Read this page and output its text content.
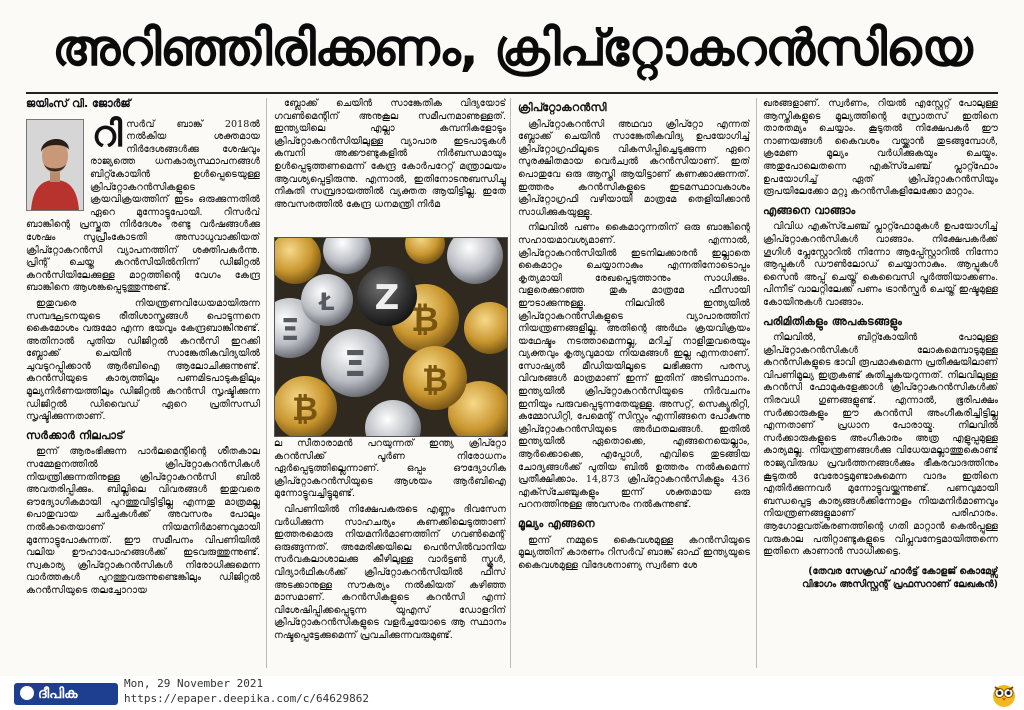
അറിഞ്ഞിരിക്കണം, ക്രിപ്റ്റോകറൻസിയെ
ജയിംസ് വി. ജോർജ്
റി സർവ് ബാങ്ക് 2018ൽ നൽകിയ ശക്തമായ നിർദേശങ്ങൾക്കു ശേഷവും രാജ്യത്തെ ധനകാര്യസ്ഥാപനങ്ങൾ ബിറ്റ്കോയിൻ ഉൾപ്പെടെയുള്ള ക്രിപ്റ്റോകറൻസികളുടെ ക്രയവിക്രയത്തിന് ഇടം ഒരുക്കുന്നതിൽ ഏറെ മുന്നോട്ടുപോയി. റിസർവ് ബാങ്കിന്റെ പ്രസ്തുത നിർദേശം രണ്ടു വർഷങ്ങൾക്കു ശേഷം സുപ്രീംകോടതി അസാധുവാക്കിയത് ക്രിപ്റ്റോകറൻസി വ്യാപനത്തിന് ശക്തിപകർന്നു. പ്രിന്റ് ചെയ്ത കറൻസിയിൽനിന്ന് ഡിജിറ്റൽ കറൻസിയിലേക്കുള്ള മാറ്റത്തിന്റെ വേഗം കേന്ദ്ര ബാങ്കിനെ ആശങ്കപ്പെടുത്തുന്നുണ്ട്.

ഇതുവരെ നിയന്ത്രണവിധേയമായിരുന്ന സമ്പദ്ഘടനയുടെ രീതിശാസ്ത്രങ്ങൾ പൊടുന്നനെ കൈമോശം വരുമോ എന്ന ഭയവും കേന്ദ്രബാങ്കിനുണ്ട്. അതിനാൽ പുതിയ ഡിജിറ്റൽ കറൻസി ഇറക്കി ബ്ലോക്ക് ചെയിൻ സാങ്കേതികവിദ്യയിൽ ചുവടുറപ്പിക്കാൻ ആർബിഐ ആലോചിക്കുന്നുണ്ട്. കറൻസിയുടെ കാര്യത്തിലും പണമിടപാടുകളിലും മൂല്യനിർണയത്തിലും ഡിജിറ്റൽ കറൻസി സൃഷ്ടിക്കുന്ന ഡിജിറ്റൽ ഡിവൈഡ് ഏറെ പ്രതിസന്ധി സൃഷ്ടിക്കുന്നതാണ്.

സർക്കാർ നിലപാട്

ഇന്ന് ആരംഭിക്കുന്ന പാർലമെന്റിന്റെ ശീതകാല സമ്മേളനത്തിൽ ക്രിപ്റ്റോകറൻസികൾ നിയന്ത്രിക്കുന്നതിനുള്ള ക്രിപ്റ്റോകറൻസി ബിൽ അവതരിപ്പിക്കും. ബില്ലിലെ വിവരങ്ങൾ ഇതുവരെ ഔദ്യോഗികമായി പുറത്തുവിട്ടിട്ടില്ല എന്നതു മാത്രമല്ല പൊതുവായ ചർച്ചകൾക്ക് അവസരം പോലും നൽകാതെയാണ് നിയമനിർമാണവുമായി മുന്നോട്ടുപോകുന്നത്. ഈ സമീപനം വിപണിയിൽ വലിയ ഊഹാപോഹങ്ങൾക്ക് ഇടവരുത്തുന്നുണ്ട്. സ്വകാര്യ ക്രിപ്റ്റോകറൻസികൾ നിരോധിക്കുമെന്ന വാർത്തകൾ പുറത്തുവരുന്നുണ്ടെങ്കിലും ഡിജിറ്റൽ കറൻസിയുടെ തലച്ചോറായ

ബ്ലോക്ക് ചെയിൻ സാങ്കേതിക വിദ്യയോട് ഗവൺമെന്റിന് അനുകൂല സമീപനമാണുള്ളത്. ഇന്ത്യയിലെ എല്ലാ കമ്പനികളോടും ക്രിപ്റ്റോകറൻസിയിലുള്ള വ്യാപാര ഇടപാടുകൾ കമ്പനി അക്കൗണ്ടുകളിൽ നിർബന്ധമായും ഉൾപ്പെടുത്തണമെന്ന് കേന്ദ്ര കോർപറേറ്റ് മന്ത്രാലയം ആവശ്യപ്പെട്ടിരുന്നു. എന്നാൽ, ഇതിനോടനുബന്ധിച്ചു നികുതി സമ്പ്രദായത്തിൽ വ്യക്തത ആയിട്ടില്ല. ഇതേ അവസരത്തിൽ കേന്ദ്ര ധനമന്ത്രി നിർമ

Z
₿
Ξ ₿
Ł
Ξ
₿

ല സീതാരാമൻ പറയുന്നത് ഇന്ത്യ ക്രിപ്റ്റോ കറൻസിക്ക് പൂർണ നിരോധനം ഏർപ്പെടുത്തില്ലെന്നാണ്. ഒപ്പം ഔദ്യോഗിക ക്രിപ്റ്റോകറൻസിയുടെ ആശയം ആർബിഐ മുന്നോട്ടുവച്ചിട്ടുമുണ്ട്.

വിപണിയിൽ നിക്ഷേപകരുടെ എണ്ണം ദിവസേന വർധിക്കുന്ന സാഹചര്യം കണക്കിലെടുത്താണ് ഇത്തരമൊരു നിയമനിർമാണത്തിന് ഗവൺമെന്റ് ഒരുങ്ങുന്നത്. അമേരിക്കയിലെ പെൻസിൽവാനിയ സർവകലാശാലക്കു കീഴിലുള്ള വാർട്ടൺ സ്കൂൾ, വിദ്യാർഥികൾക്ക് ക്രിപ്റ്റോകറൻസിയിൽ ഫീസ് അടക്കാനുള്ള സൗകര്യം നൽകിയത് കഴിഞ്ഞ മാസമാണ്. കറൻസികളുടെ കറൻസി എന്ന് വിശേഷിപ്പിക്കപ്പെടുന്ന യുഎസ് ഡോളറിന് ക്രിപ്റ്റോകറൻസികളുടെ വളർച്ചയോടെ ആ സ്ഥാനം നഷ്ടപ്പെട്ടേക്കുമെന്ന് പ്രവചിക്കുന്നവരുമുണ്ട്.

ക്രിപ്റ്റോകറൻസി

ക്രിപ്റ്റോകറൻസി അഥവാ ക്രിപ്റ്റോ എന്നത് ബ്ലോക്ക് ചെയിൻ സാങ്കേതികവിദ്യ ഉപയോഗിച്ച് ക്രിപ്റ്റോഗ്രഫിലൂടെ വികസിപ്പിച്ചെടുക്കുന്ന ഏറെ സുരക്ഷിതമായ വെർച്വൽ കറൻസിയാണ്. ഇത് പൊതുവേ ഒരു ആസ്തി ആയിട്ടാണ് കണക്കാക്കുന്നത്. ഇത്തരം കറൻസികളുടെ ഇടമസ്ഥാവകാശം ക്രിപ്റ്റോഗ്രഫി വഴിയായി മാത്രമേ തെളിയിക്കാൻ സാധിക്കുകയുള്ളൂ.

നിലവിൽ പണം കൈമാറുന്നതിന് ഒരു ബാങ്കിന്റെ സഹായമാവശ്യമാണ്. എന്നാൽ, ക്രിപ്റ്റോകറൻസിയിൽ ഇടനിലക്കാരൻ ഇല്ലാതെ കൈമാറ്റം ചെയ്യാനാകും എന്നതിനോടൊപ്പം കൃത്യമായി രേഖപ്പെടുത്താനും സാധിക്കും. വളരെക്കുറഞ്ഞ തുക മാത്രമേ ഫീസായി ഈടാക്കുന്നുള്ളൂ. നിലവിൽ ഇന്ത്യയിൽ ക്രിപ്റ്റോകറൻസികളുടെ വ്യാപാരത്തിന് നിയന്ത്രണങ്ങളില്ല. അതിന്റെ അർഥം ക്രയവിക്രയം യഥേഷ്ടം നടത്താമെന്നല്ല, മറിച്ച് നാളിതുവരെയും വ്യക്തവും കൃത്യവുമായ നിയമങ്ങൾ ഇല്ല എന്നതാണ്. സോഷ്യൽ മീഡിയയിലൂടെ ലഭിക്കുന്ന പരസ്യ വിവരങ്ങൾ മാത്രമാണ് ഇന്ന് ഇതിന് അടിസ്ഥാനം. ഇന്ത്യയിൽ ക്രിപ്റ്റോകറൻസിയുടെ നിർവചനം ഇനിയും പരുവപ്പെടുന്നതേയുള്ളു. അസറ്റ്, സെക്യൂരിറ്റി, കമ്മോഡിറ്റി, പേമെന്റ് സിസ്റ്റം എന്നിങ്ങനെ പോകുന്നു ക്രിപ്റ്റോകറൻസിയുടെ അർഥതലങ്ങൾ. ഇതിൽ ഇന്ത്യയിൽ ഏതൊക്കെ, എങ്ങനെയെല്ലാം, ആർക്കൊക്കെ, എപ്പോൾ, എവിടെ തുടങ്ങിയ ചോദ്യങ്ങൾക്ക് പുതിയ ബിൽ ഉത്തരം നൽകുമെന്ന് പ്രതീക്ഷിക്കാം. 14,873 ക്രിപ്റ്റോകറൻസികളും 436 എക്സ്ചേഞ്ചുകളും ഇന്ന് ശക്തമായ ഒരു പറനത്തിനുള്ള അവസരം നൽകുന്നുണ്ട്.

മൂല്യം എങ്ങനെ

ഇന്ന് നമ്മുടെ കൈവശമുള്ള കറൻസിയുടെ മൂല്യത്തിന് കാരണം റിസർവ് ബാങ്ക് ഓഫ് ഇന്ത്യയുടെ കൈവശമുള്ള വിദേശനാണ്യ സ്വർണ ശേ

ഖരങ്ങളാണ്. സ്വർണം, റിയൽ എസ്റ്റേറ്റ് പോലുള്ള ആസ്തികളുടെ മൂല്യത്തിന്റെ സ്രോതസ് ഇതിനെ താരതമ്യം ചെയ്യാം. കൂടുതൽ നിക്ഷേപകർ ഈ നാണയങ്ങൾ കൈവശം വയ്ക്കാൻ തുടങ്ങുമ്പോൾ, ക്രമേണ മൂല്യം വർധിക്കുകയും ചെയ്യും. അതുപോലെതന്നെ എക്സ്ചേഞ്ച് പ്ലാറ്റ്ഫോം ഉപയോഗിച്ച് ഏത് ക്രിപ്റ്റോകറൻസിയും രൂപയിലേക്കോ മറ്റു കറൻസികളിലേക്കോ മാറ്റാം.

എങ്ങനെ വാങ്ങാം

വിവിധ എക്സ്ചേഞ്ച് പ്ലാറ്റ്ഫോമുകൾ ഉപയോഗിച്ച് ക്രിപ്റ്റോകറൻസികൾ വാങ്ങാം. നിക്ഷേപകർക്ക് ഗൂഗിൾ പ്ലേസ്റ്റോറിൽ നിന്നോ ആപ്പ്സ്റ്റോറിൽ നിന്നോ ആപ്പുകൾ ഡൗൺലോഡ് ചെയ്യാനാകും. ആപ്പുകൾ സൈൻ അപ്പ് ചെയ്ത് കെവൈസി പൂർത്തിയാക്കണം. പിന്നീട് വാലറ്റിലേക്ക് പണം ട്രാൻസ്ഫർ ചെയ്ത് ഇഷ്ടമുള്ള കോയിനുകൾ വാങ്ങാം.

പരിമിതികളും അപകടങ്ങളും

നിലവിൽ, ബിറ്റ്കോയിൻ പോലുള്ള ക്രിപ്റ്റോകറൻസികൾ ലോകമെമ്പാടുമുള്ള കറൻസികളുടെ ഭാവി രൂപമാകുമെന്ന പ്രതീക്ഷയിലാണ് വിപണിമൂല്യ ഇത്രകണ്ട് കുതിച്ചുകയറുന്നത്. നിലവിലുള്ള കറൻസി ഫോമുകളേക്കാൾ ക്രിപ്റ്റോകറൻസികൾക്ക് നിരവധി ഗുണങ്ങളുണ്ട്. എന്നാൽ, ഭൂരിപക്ഷം സർക്കാരുകളും ഈ കറൻസി അംഗീകരിച്ചിട്ടില്ല എന്നതാണ് പ്രധാന പോരായ്മ. നിലവിൽ സർക്കാരുകളുടെ അംഗീകാരം അത്ര എളുപ്പമുള്ള കാര്യമല്ല. നിയന്ത്രണങ്ങൾക്കു വിധേയമല്ലാത്തുകൊണ്ട് രാജ്യവിരുദ്ധ പ്രവർത്തനങ്ങൾക്കും ഭീകരവാദത്തിനും കൂടുതൽ വേരോട്ടമുണ്ടാകുമെന്ന വാദം ഇതിനെ എതിർക്കുന്നവർ മുന്നോട്ടുവയ്ക്കുന്നുണ്ട്. പണവുമായി ബന്ധപ്പെട്ട കാര്യങ്ങൾക്കിന്നോളം നിയമനിർമാണവും നിയന്ത്രണങ്ങളുമാണ് പരിഹാരം. ആഗോളവത്കരണത്തിന്റെ ഗതി മാറ്റാൻ കെൽപ്പുള്ള വരുകാല പതിറ്റാണ്ടുകളുടെ വിപ്ലവനേട്ടമായിത്തന്നെ ഇതിനെ കാണാൻ സാധിക്കട്ടെ.

(തേവര സേക്രഡ് ഹാർട്ട് കോളജ് കൊമേഴ്സ്
വിഭാഗം അസിസ്റ്റന്റ് പ്രഫസറാണ് ലേഖകൻ)
ദീപിക
Mon, 29 November 2021
https://epaper.deepika.com/c/64629862
